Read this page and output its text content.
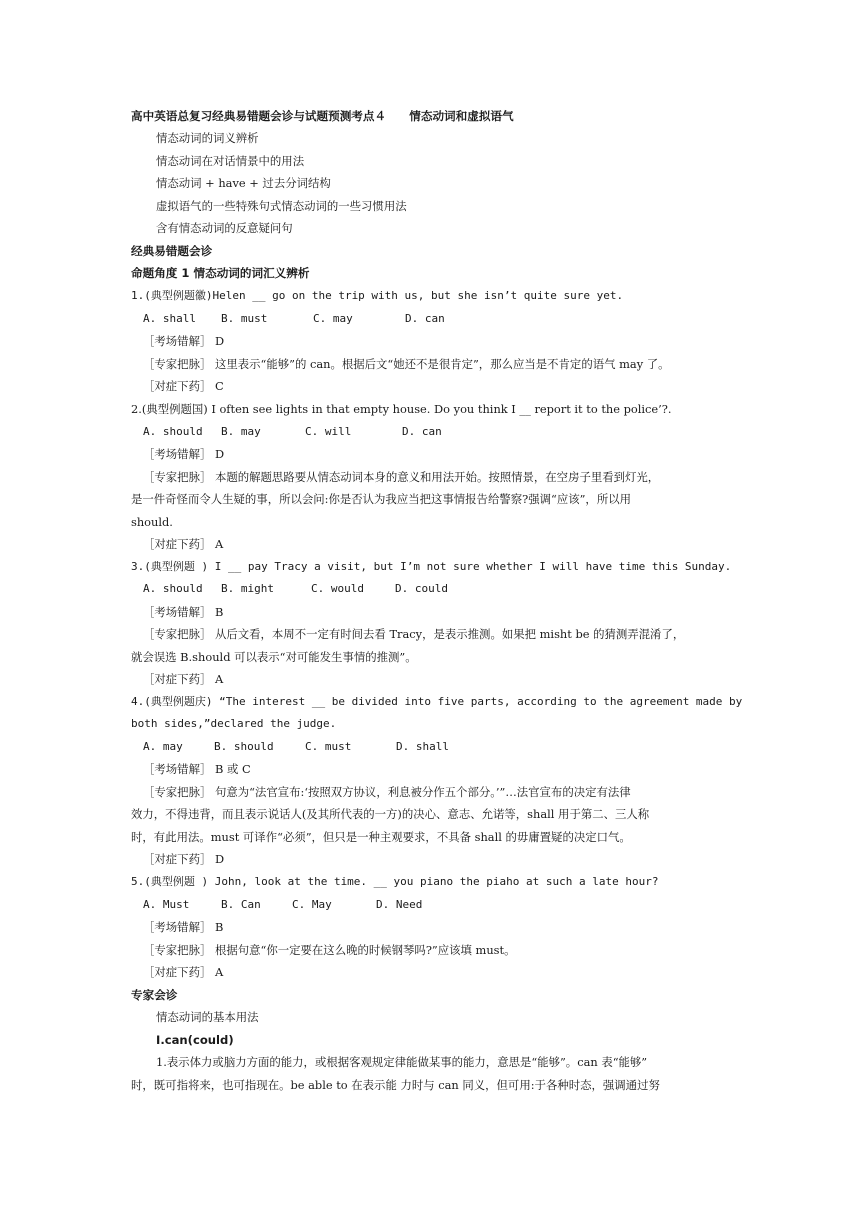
高中英语总复习经典易错题会诊与试题预测考点４　　情态动词和虚拟语气
情态动词的词义辨析
情态动词在对话情景中的用法
情态动词 + have + 过去分词结构
虚拟语气的一些特殊句式情态动词的一些习惯用法
含有情态动词的反意疑问句
经典易错题会诊
命题角度 1 情态动词的词汇义辨析
1.(典型例题徽)Helen __ go on the trip with us, but she isn’t quite sure yet.
A. shall B. must	C. may	D. can
［考场错解］ D
［专家把脉］ 这里表示“能够”的 can。根据后文“她还不是很肯定”，那么应当是不肯定的语气 may 了。
［对症下药］ C
2.(典型例题国) I often see lights in that empty house. Do you think I __ report it to the police’?.
A. should B. may	C. will	D. can
［考场错解］ D
［专家把脉］ 本题的解题思路要从情态动词本身的意义和用法开始。按照情景，在空房子里看到灯光，
是一件奇怪而令人生疑的事，所以会问:你是否认为我应当把这事情报告给警察?强调“应该”，所以用
should.
［对症下药］ A
3.(典型例题 ) I __ pay Tracy a visit, but I’m not sure whether I will have time this Sunday.
A. should B. might	C. would	D. could
［考场错解］ B
［专家把脉］ 从后文看，本周不一定有时间去看 Tracy，是表示推测。如果把 misht be 的猜测弄混淆了，
就会误选 B.should 可以表示“对可能发生事情的推测”。
［对症下药］ A
4.(典型例题庆) “The interest __ be divided into five parts, according to the agreement made by
both sides,”declared the judge.
A. may	B. should	C. must	D. shall
［考场错解］ B 或 C
［专家把脉］ 句意为“法官宣布:‘按照双方协议，利息被分作五个部分。’”…法官宣布的决定有法律
效力，不得违背，而且表示说话人(及其所代表的一方)的决心、意志、允诺等，shall 用于第二、三人称
时，有此用法。must 可译作“必须”，但只是一种主观要求，不具备 shall 的毋庸置疑的决定口气。
［对症下药］ D
5.(典型例题 ) John, look at the time. __ you piano the piaho at such a late hour?
A. Must	B. Can	C. May	D. Need
［考场错解］ B
［专家把脉］ 根据句意“你一定要在这么晚的时候钢琴吗?”应该填 must。
［对症下药］ A
专家会诊
情态动词的基本用法
I.can(could)
1.表示体力或脑力方面的能力，或根据客观规定律能做某事的能力，意思是“能够”。can 表“能够”
时，既可指将来，也可指现在。be able to 在表示能 力时与 can 同义，但可用:于各种时态，强调通过努
